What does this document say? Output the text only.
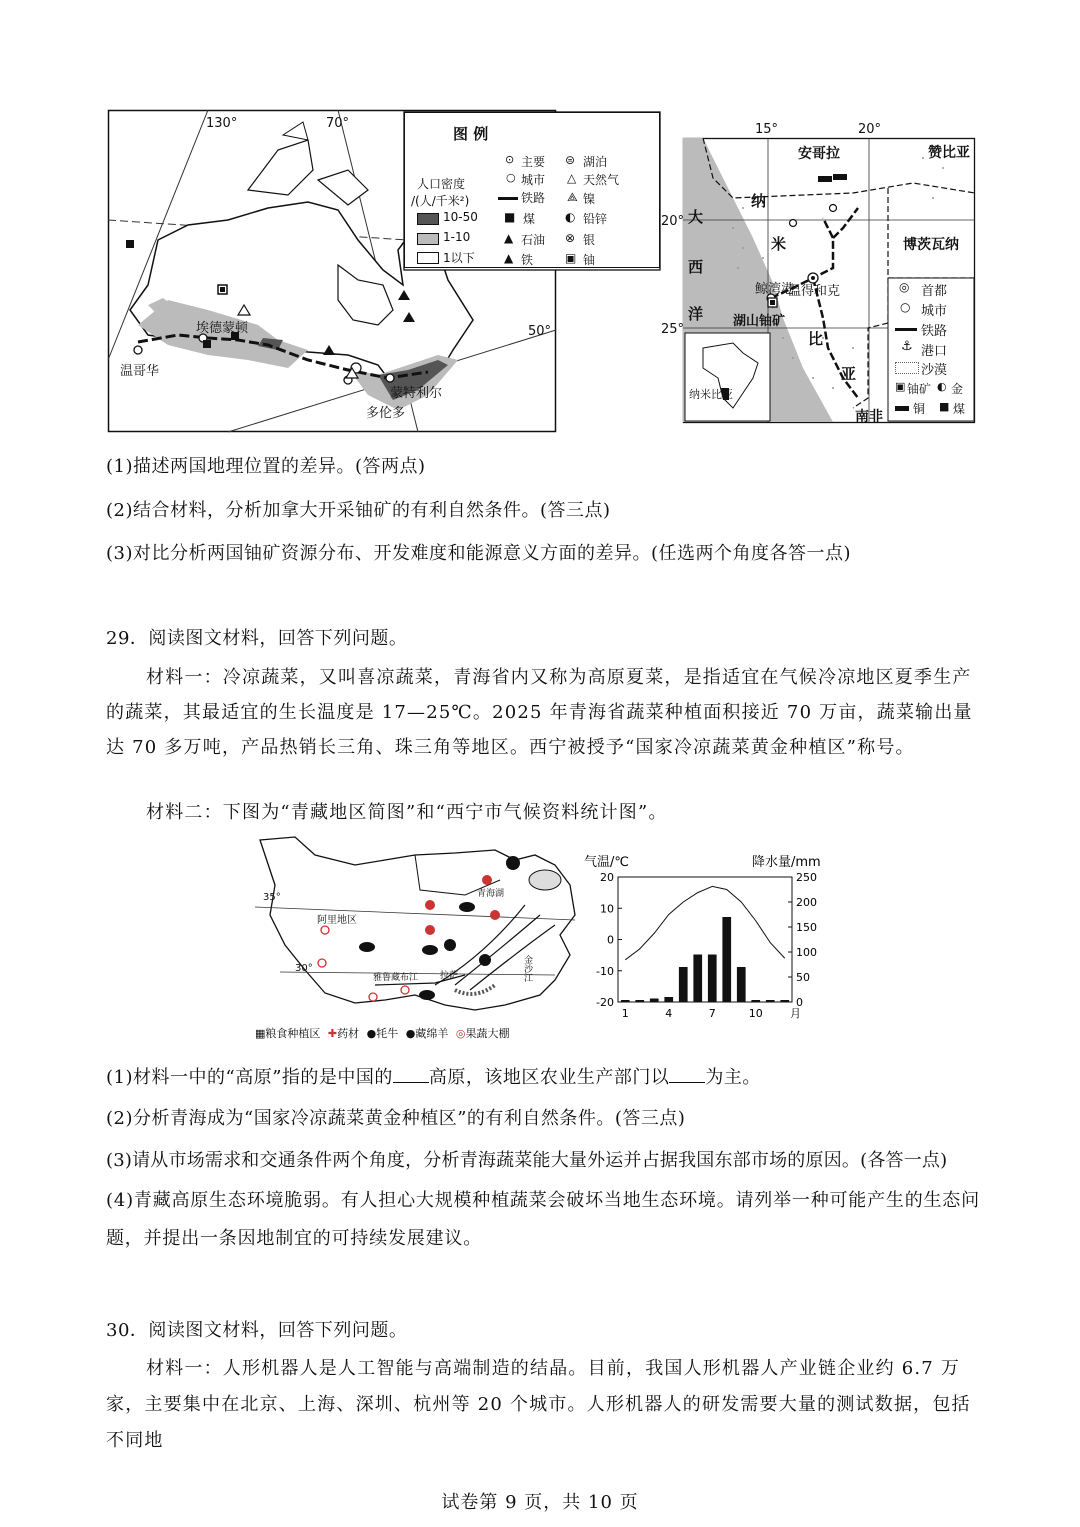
130°	70°
50°
埃德蒙顿
温哥华
蒙特利尔
多伦多
图 例
人口密度
/(人/千米²)
10-50
1-10
1以下
⊙ 主要
○ 城市
铁路
■ 煤
▲ 石油
▲ 铁
⊜ 湖泊
△ 天然气
⟁ 镍
◐ 铅锌
⊗ 银
▣ 铀
15°	20°
20°
25°
安哥拉	赞比亚
博茨瓦纳
南非
纳
米
比
亚
大
西
洋
鲸湾港
温得和克
湖山铀矿
纳米比亚
◎ 首都
○ 城市
铁路
⚓ 港口
沙漠
▣ 铀矿 ◐ 金
铜 ■ 煤
(1)描述两国地理位置的差异。(答两点)
(2)结合材料，分析加拿大开采铀矿的有利自然条件。(答三点)
(3)对比分析两国铀矿资源分布、开发难度和能源意义方面的差异。(任选两个角度各答一点)
29．阅读图文材料，回答下列问题。
材料一：冷凉蔬菜，又叫喜凉蔬菜，青海省内又称为高原夏菜，是指适宜在气候冷凉地区夏季生产的蔬菜，其最适宜的生长温度是 17—25℃。2025 年青海省蔬菜种植面积接近 70 万亩，蔬菜输出量达 70 多万吨，产品热销长三角、珠三角等地区。西宁被授予“国家冷凉蔬菜黄金种植区”称号。
材料二：下图为“青藏地区简图”和“西宁市气候资料统计图”。
35°
30°
阿里地区
青海湖
雅鲁藏布江 拉萨	金沙江
▦粮食种植区 ✚药材 ●牦牛 ●藏绵羊 ◎果蔬大棚
气温/℃	降水量/mm
20
10
0
-10
-20
250
200
150
100
50
0
1	4	7	10 月
(1)材料一中的“高原”指的是中国的 高原，该地区农业生产部门以 为主。
(2)分析青海成为“国家冷凉蔬菜黄金种植区”的有利自然条件。(答三点)
(3)请从市场需求和交通条件两个角度，分析青海蔬菜能大量外运并占据我国东部市场的原因。(各答一点)
(4)青藏高原生态环境脆弱。有人担心大规模种植蔬菜会破坏当地生态环境。请列举一种可能产生的生态问题，并提出一条因地制宜的可持续发展建议。
30．阅读图文材料，回答下列问题。
材料一：人形机器人是人工智能与高端制造的结晶。目前，我国人形机器人产业链企业约 6.7 万家，主要集中在北京、上海、深圳、杭州等 20 个城市。人形机器人的研发需要大量的测试数据，包括不同地
试卷第 9 页，共 10 页
